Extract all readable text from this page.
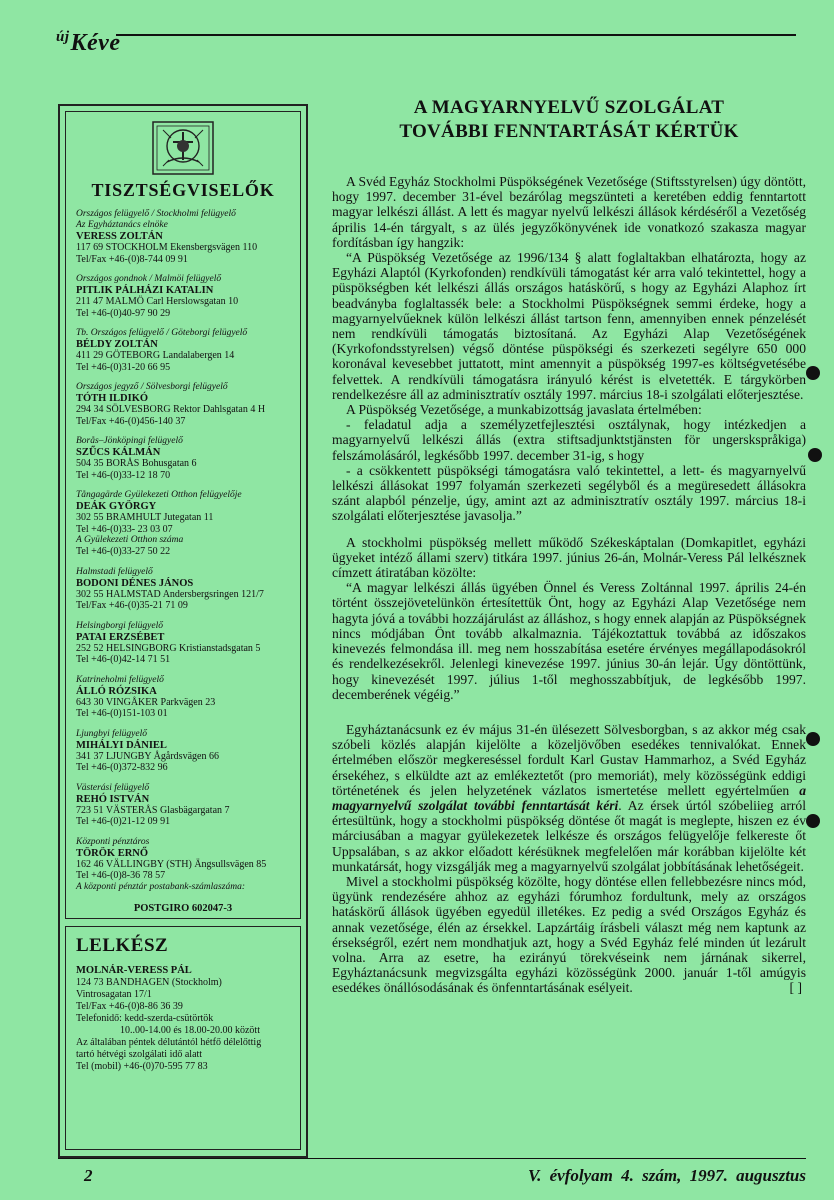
$^{új}$Kéve
TISZTSÉGVISELŐK
Országos felügyelő / Stockholmi felügyelő
Az Egyháztanács elnöke
VERESS ZOLTÁN
117 69 STOCKHOLM Ekensbergsvägen 110
Tel/Fax +46-(0)8-744 09 91
Országos gondnok / Malmöi felügyelő
PITLIK PÁLHÁZI KATALIN
211 47 MALMÖ Carl Herslowsgatan 10
Tel +46-(0)40-97 90 29
Tb. Országos felügyelő / Göteborgi felügyelő
BÉLDY ZOLTÁN
411 29 GÖTEBORG Landalabergen 14
Tel +46-(0)31-20 66 95
Országos jegyző / Sölvesborgi felügyelő
TÓTH ILDIKÓ
294 34 SÖLVESBORG Rektor Dahlsgatan 4 H
Tel/Fax +46-(0)456-140 37
Borås–Jönköpingi felügyelő
SZŰCS KÁLMÁN
504 35 BORÅS Bohusgatan 6
Tel +46-(0)33-12 18 70
Tångagärde Gyülekezeti Otthon felügyelője
DEÁK GYÖRGY
302 55 BRAMHULT Jutegatan 11
Tel +46-(0)33- 23 03 07
A Gyülekezeti Otthon száma
Tel +46-(0)33-27 50 22
Halmstadi felügyelő
BODONI DÉNES JÁNOS
302 55 HALMSTAD Andersbergsringen 121/7
Tel/Fax +46-(0)35-21 71 09
Helsingborgi felügyelő
PATAI ERZSÉBET
252 52 HELSINGBORG Kristianstadsgatan 5
Tel +46-(0)42-14 71 51
Katrineholmi felügyelő
ÁLLÓ RÓZSIKA
643 30 VINGÅKER Parkvägen 23
Tel +46-(0)151-103 01
Ljungbyi felügyelő
MIHÁLYI DÁNIEL
341 37 LJUNGBY Ågårdsvägen 66
Tel +46-(0)372-832 96
Västerási felügyelő
REHÓ ISTVÁN
723 51 VÄSTERÅS Glasbägargatan 7
Tel +46-(0)21-12 09 91
Központi pénztáros
TÖRÖK ERNŐ
162 46 VÄLLINGBY (STH) Ängsullsvägen 85
Tel +46-(0)8-36 78 57
A központi pénztár postabank-számlaszáma:
POSTGIRO 602047-3
LELKÉSZ
MOLNÁR-VERESS PÁL
124 73 BANDHAGEN (Stockholm)
Vintrosagatan 17/1
Tel/Fax +46-(0)8-86 36 39
Telefonidő: kedd-szerda-csütörtök
10..00-14.00 és 18.00-20.00 között
Az általában péntek délutántól hétfő délelőttig
tartó hétvégi szolgálati idő alatt
Tel (mobil) +46-(0)70-595 77 83
A MAGYARNYELVŰ SZOLGÁLAT
TOVÁBBI FENNTARTÁSÁT KÉRTÜK

A Svéd Egyház Stockholmi Püspökségének Vezetősége (Stiftsstyrelsen) úgy döntött, hogy 1997. december 31-ével bezárólag megszünteti a keretében eddig fenntartott magyar lelkészi állást. A lett és magyar nyelvű lelkészi állások kérdéséről a Vezetőség április 14-én tárgyalt, s az ülés jegyzőkönyvének ide vonatkozó szakasza magyar fordításban így hangzik:

“A Püspökség Vezetősége az 1996/134 § alatt foglaltakban elhatározta, hogy az Egyházi Alaptól (Kyrkofonden) rendkívüli támogatást kér arra való tekintettel, hogy a püspökségben két lelkészi állás országos hatáskörű, s hogy az Egyházi Alaphoz írt beadványba foglaltassék bele: a Stockholmi Püspökségnek semmi érdeke, hogy a magyarnyelvűeknek külön lelkészi állást tartson fenn, amennyiben ennek pénzelését nem rendkívüli támogatás biztosítaná. Az Egyházi Alap Vezetőségének (Kyrkofondsstyrelsen) végső döntése püspökségi és szerkezeti segélyre 650 000 koronával kevesebbet juttatott, mint amennyit a püspökség 1997-es költségvetésébe felvettek. A rendkívüli támogatásra irányuló kérést is elvetették. E tárgykörben rendelkezésre áll az adminisztratív osztály 1997. március 18-i szolgálati előterjesztése.

A Püspökség Vezetősége, a munkabizottság javaslata értelmében:

- feladatul adja a személyzetfejlesztési osztálynak, hogy intézkedjen a magyarnyelvű lelkészi állás (extra stiftsadjunktstjänsten för ungerskspråkiga) felszámolásáról, legkésőbb 1997. december 31-ig, s hogy

- a csökkentett püspökségi támogatásra való tekintettel, a lett- és magyarnyelvű lelkészi állásokat 1997 folyamán szerkezeti segélyből és a megüresedett állásokra szánt alapból pénzelje, úgy, amint azt az adminisztratív osztály 1997. március 18-i szolgálati előterjesztése javasolja.”

A stockholmi püspökség mellett működő Székeskáptalan (Domkapitlet, egyházi ügyeket intéző állami szerv) titkára 1997. június 26-án, Molnár-Veress Pál lelkésznek címzett átiratában közölte:

“A magyar lelkészi állás ügyében Önnel és Veress Zoltánnal 1997. április 24-én történt összejövetelünkön értesítettük Önt, hogy az Egyházi Alap Vezetősége nem hagyta jóvá a további hozzájárulást az álláshoz, s hogy ennek alapján az Püspökségnek nincs módjában Önt tovább alkalmaznia. Tájékoztattuk továbbá az időszakos kinevezés felmondása ill. meg nem hosszabítása esetére érvényes megállapodásokról és rendelkezésekről. Jelenlegi kinevezése 1997. június 30-án lejár. Úgy döntöttünk, hogy kinevezését 1997. július 1-től meghosszabbítjuk, de legkésőbb 1997. decemberének végéig.”

Egyháztanácsunk ez év május 31-én ülésezett Sölvesborgban, s az akkor még csak szóbeli közlés alapján kijelölte a közeljövőben esedékes tennivalókat. Ennek értelmében először megkereséssel fordult Karl Gustav Hammarhoz, a Svéd Egyház érsekéhez, s elküldte azt az emlékeztetőt (pro memoriát), mely közösségünk eddigi történetének és jelen helyzetének vázlatos ismertetése mellett egyértelműen a magyarnyelvű szolgálat további fenntartását kéri. Az érsek úrtól szóbeliieg arról értesültünk, hogy a stockholmi püspökség döntése őt magát is meglepte, hiszen ez év márciusában a magyar gyülekezetek lelkésze és országos felügyelője felkereste őt Uppsalában, s az akkor előadott kérésüknek megfelelően már korábban kijelölte két munkatársát, hogy vizsgálják meg a magyarnyelvű szolgálat jobbításának lehetőségeit.

Mivel a stockholmi püspökség közölte, hogy döntése ellen fellebbezésre nincs mód, ügyünk rendezésére ahhoz az egyházi fórumhoz fordultunk, mely az országos hatáskörű állások ügyében egyedül illetékes. Ez pedig a svéd Országos Egyház és annak vezetősége, élén az érsekkel. Lapzártáig írásbeli választ még nem kaptunk az érsekségről, ezért nem mondhatjuk azt, hogy a Svéd Egyház felé minden út lezárult volna. Arra az esetre, ha ezirányú törekvéseink nem járnának sikerrel, Egyháztanácsunk megvizsgálta egyházi közösségünk 2000. január 1-től amúgyis esedékes önállósodásának és önfenntartásának esélyeit.	[ ]

2	V. évfolyam 4. szám, 1997. augusztus
